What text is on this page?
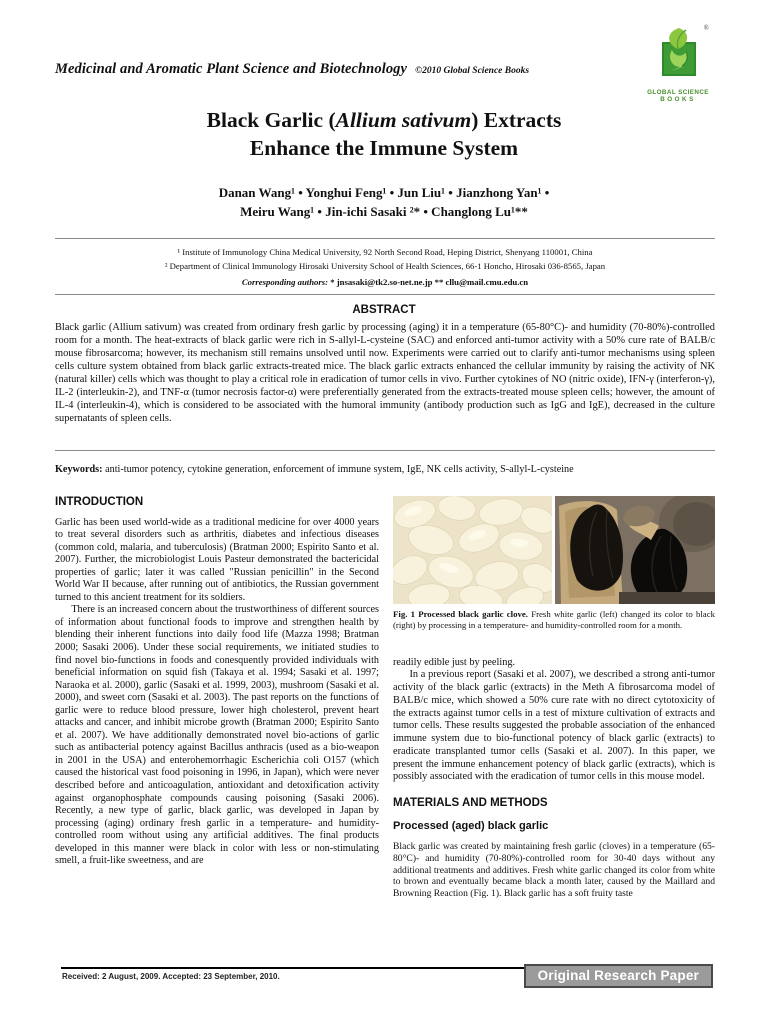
Medicinal and Aromatic Plant Science and Biotechnology ©2010 Global Science Books
®
GLOBAL SCIENCE
BOOKS
Black Garlic (Allium sativum) Extracts
Enhance the Immune System
Danan Wang¹ • Yonghui Feng¹ • Jun Liu¹ • Jianzhong Yan¹ •
Meiru Wang¹ • Jin-ichi Sasaki ²* • Changlong Lu¹**
¹ Institute of Immunology China Medical University, 92 North Second Road, Heping District, Shenyang 110001, China
² Department of Clinical Immunology Hirosaki University School of Health Sciences, 66-1 Honcho, Hirosaki 036-8565, Japan
Corresponding authors: * jnsasaki@tk2.so-net.ne.jp ** cllu@mail.cmu.edu.cn
ABSTRACT
Black garlic (Allium sativum) was created from ordinary fresh garlic by processing (aging) it in a temperature (65-80°C)- and humidity (70-80%)-controlled room for a month. The heat-extracts of black garlic were rich in S-allyl-L-cysteine (SAC) and enforced anti-tumor activity with a 50% cure rate of BALB/c mouse fibrosarcoma; however, its mechanism still remains unsolved until now. Experiments were carried out to clarify anti-tumor mechanisms using spleen cells culture system obtained from black garlic extracts-treated mice. The black garlic extracts enhanced the cellular immunity by raising the activity of NK (natural killer) cells which was thought to play a critical role in eradication of tumor cells in vivo. Further cytokines of NO (nitric oxide), IFN-γ (interferon-γ), IL-2 (interleukin-2), and TNF-α (tumor necrosis factor-α) were preferentially generated from the extracts-treated mouse spleen cells; however, the amount of IL-4 (interleukin-4), which is considered to be associated with the humoral immunity (antibody production such as IgG and IgE), decreased in the culture supernatants of spleen cells.
Keywords: anti-tumor potency, cytokine generation, enforcement of immune system, IgE, NK cells activity, S-allyl-L-cysteine
INTRODUCTION

Garlic has been used world-wide as a traditional medicine for over 4000 years to treat several disorders such as arthritis, diabetes and infectious diseases (common cold, malaria, and tuberculosis) (Bratman 2000; Espirito Santo et al. 2007). Further, the microbiologist Louis Pasteur demonstrated the bactericidal properties of garlic; later it was called "Russian penicillin" in the Second World War II because, after running out of antibiotics, the Russian government turned to this ancient treatment for its soldiers.

There is an increased concern about the trustworthiness of different sources of information about functional foods to improve and strengthen health by blending their inherent functions into daily food life (Mazza 1998; Bratman 2000; Sasaki 2006). Under these social requirements, we initiated studies to find novel bio-functions in foods and conesquently provided individuals with beneficial information on squid fish (Takaya et al. 1994; Sasaki et al. 1997; Naraoka et al. 2000), garlic (Sasaki et al. 1999, 2003), mushroom (Sasaki et al. 2000), and sweet corn (Sasaki et al. 2003). The past reports on the functions of garlic were to reduce blood pressure, lower high cholesterol, prevent heart attacks and cancer, and inhibit microbe growth (Bratman 2000; Espirito Santo et al. 2007). We have additionally demonstrated novel bio-actions of garlic such as antibacterial potency against Bacillus anthracis (used as a bio-weapon in 2001 in the USA) and enterohemorrhagic Escherichia coli O157 (which caused the historical vast food poisoning in 1996, in Japan), which were never described before and anticoagulation, antioxidant and detoxification activity against organophosphate compounds causing poisoning (Sasaki 2006). Recently, a new type of garlic, black garlic, was developed in Japan by processing (aging) ordinary fresh garlic in a temperature- and humidity-controlled room without using any artificial additives. The final products developed in this manner were black in color with less or non-stimulating smell, a fruit-like sweetness, and are

Fig. 1 Processed black garlic clove. Fresh white garlic (left) changed its color to black (right) by processing in a temperature- and humidity-controlled room for a month.

readily edible just by peeling.

In a previous report (Sasaki et al. 2007), we described a strong anti-tumor activity of the black garlic (extracts) in the Meth A fibrosarcoma model of BALB/c mice, which showed a 50% cure rate with no direct cytotoxicity of the extracts against tumor cells in a test of mixture cultivation of extracts and tumor cells. These results suggested the probable association of the enhanced immune system due to bio-functional potency of black garlic (extracts) to eradicate transplanted tumor cells (Sasaki et al. 2007). In this paper, we present the immune enhancement potency of black garlic (extracts), which is possibly associated with the eradication of tumor cells in this mouse model.

MATERIALS AND METHODS
Processed (aged) black garlic

Black garlic was created by maintaining fresh garlic (cloves) in a temperature (65-80°C)- and humidity (70-80%)-controlled room for 30-40 days without any additional treatments and additives. Fresh white garlic changed its color from white to brown and eventually became black a month later, caused by the Maillard and Browning Reaction (Fig. 1). Black garlic has a soft fruity taste

Received: 2 August, 2009. Accepted: 23 September, 2010.	Original Research Paper
